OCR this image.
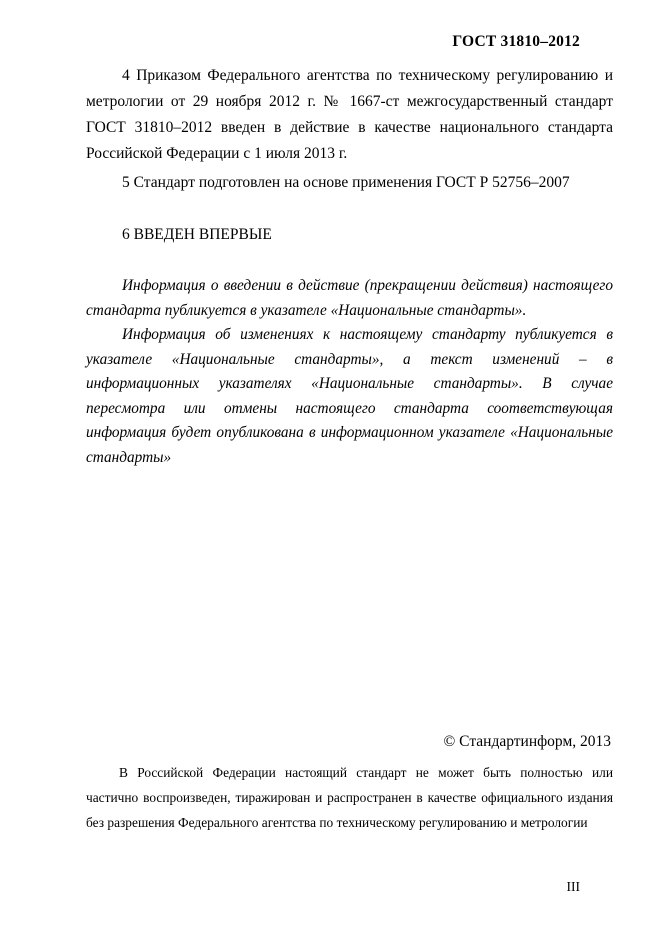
ГОСТ 31810–2012

4 Приказом Федерального агентства по техническому регулированию и метрологии от 29 ноября 2012 г. № 1667-ст межгосударственный стандарт ГОСТ 31810–2012 введен в действие в качестве национального стандарта Российской Федерации с 1 июля 2013 г.

5 Стандарт подготовлен на основе применения ГОСТ Р 52756–2007

6 ВВЕДЕН ВПЕРВЫЕ

Информация о введении в действие (прекращении действия) настоящего стандарта публикуется в указателе «Национальные стандарты».

Информация об изменениях к настоящему стандарту публикуется в указателе «Национальные стандарты», а текст изменений – в информационных указателях «Национальные стандарты». В случае пересмотра или отмены настоящего стандарта соответствующая информация будет опубликована в информационном указателе «Национальные стандарты»

© Стандартинформ, 2013

В Российской Федерации настоящий стандарт не может быть полностью или частично воспроизведен, тиражирован и распространен в качестве официального издания без разрешения Федерального агентства по техническому регулированию и метрологии

III
